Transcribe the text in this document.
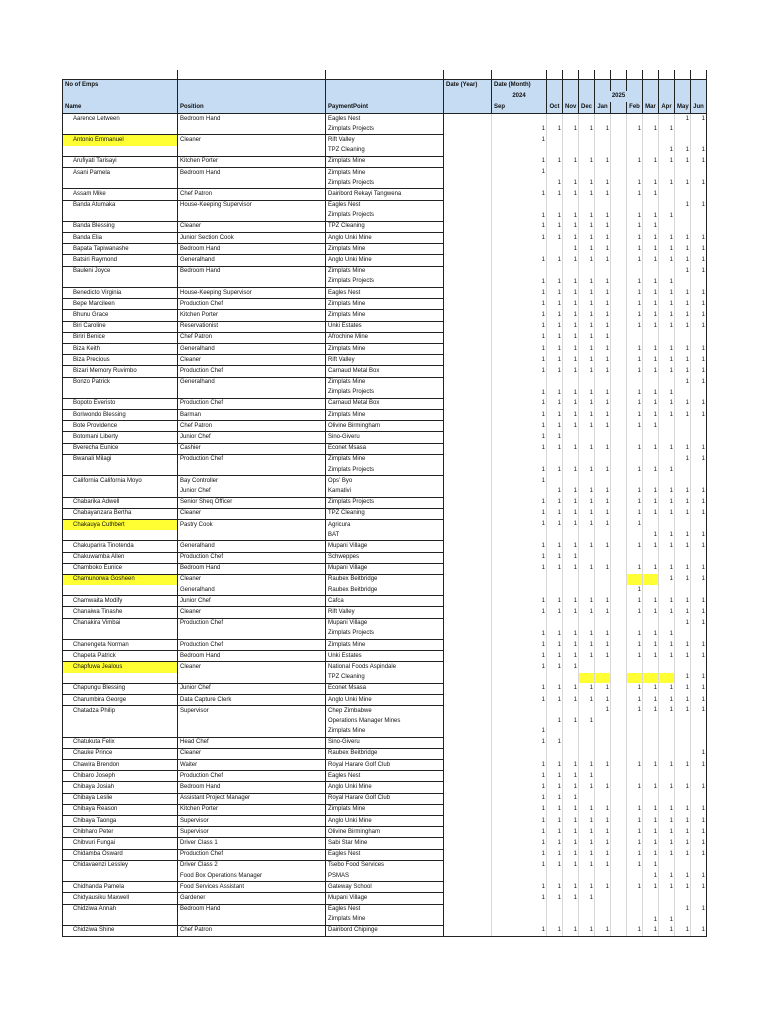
No of Emps			Date (Year)	Date (Month)										
				2024				2025						
Name	Position	PaymentPoint		Sep	Oct	Nov	Dec	Jan		Feb	Mar	Apr	May	Jun
Aarence Letween	Bedroom Hand	Eagles Nest											1	1
		Zimplats Projects		1	1	1	1	1		1	1	1		
Antonio Emmanuel	Cleaner	Rift Valley		1										
		TPZ Cleaning										1	1	1
Arufiyati Tarisayi	Kitchen Porter	Zimplats Mine		1	1	1	1	1		1	1	1	1	1
Asani Pamela	Bedroom Hand	Zimplats Mine		1										
		Zimplats Projects			1	1	1	1		1	1	1	1	1
Assam Mike	Chef Patron	Dairibord Rekayi Tangwena		1	1	1	1	1		1	1			
Banda Atumaka	House-Keeping Supervisor	Eagles Nest											1	1
		Zimplats Projects		1	1	1	1	1		1	1	1		
Banda Blessing	Cleaner	TPZ Cleaning		1	1	1	1	1		1	1			
Banda Elia	Junior Section Cook	Anglo Unki Mine		1	1	1	1	1		1	1	1	1	1
Bapata Tapiwanashe	Bedroom Hand	Zimplats Mine				1	1	1		1	1	1	1	1
Batsiri Raymond	Generalhand	Anglo Unki Mine		1	1	1	1	1		1	1	1	1	1
Bauleni Joyce	Bedroom Hand	Zimplats Mine											1	1
		Zimplats Projects		1	1	1	1	1		1	1	1		
Benedicto Virginia	House-Keeping Supervisor	Eagles Nest		1	1	1	1	1		1	1	1	1	1
Bepe Marcileen	Production Chef	Zimplats Mine		1	1	1	1	1		1	1	1	1	1
Bhunu Grace	Kitchen Porter	Zimplats Mine		1	1	1	1	1		1	1	1	1	1
Biri Caroline	Reservationist	Unki Estates		1	1	1	1	1		1	1	1	1	1
Biriri Benice	Chef Patron	Afrochine Mine		1	1	1	1	1						
Biza Keith	Generalhand	Zimplats Mine		1	1	1	1	1		1	1	1	1	1
Biza Precious	Cleaner	Rift Valley		1	1	1	1	1		1	1	1	1	1
Bizari Memory Ruvimbo	Production Chef	Carnaud Metal Box		1	1	1	1	1		1	1	1	1	1
Bonzo Patrick	Generalhand	Zimplats Mine											1	1
		Zimplats Projects		1	1	1	1	1		1	1	1		
Bopoto Everisto	Production Chef	Carnaud Metal Box		1	1	1	1	1		1	1	1	1	1
Boriwondo Blessing	Barman	Zimplats Mine		1	1	1	1	1		1	1	1	1	1
Bote Providence	Chef Patron	Olivine Birmingham		1	1	1	1	1		1	1			
Botomani Liberty	Junior Chef	Sino-Giveru		1	1									
Bverecha Eunice	Cashier	Econet Msasa		1	1	1	1	1		1	1	1	1	1
Bwanali Milagi	Production Chef	Zimplats Mine											1	1
		Zimplats Projects		1	1	1	1	1		1	1	1		
California California Moyo	Bay Controller	Ops' Byo		1										
	Junior Chef	Kamativi			1	1	1	1		1	1	1	1	1
Chabarika Adwell	Senior Sheq Officer	Zimplats Projects		1	1	1	1	1		1	1	1	1	1
Chabayanzara Bertha	Cleaner	TPZ Cleaning		1	1	1	1	1		1	1	1	1	1
Chakauya Cuthbert	Pastry Cook	Agricura		1	1	1	1	1		1				
		BAT									1	1	1	1
Chakuparira Tinotenda	Generalhand	Mupani Village		1	1	1	1	1		1	1	1	1	1
Chakuwamba Allen	Production Chef	Schweppes		1	1	1								
Chamboko Eunice	Bedroom Hand	Mupani Village		1	1	1	1	1		1	1	1	1	1
Chamunorwa Gosheen	Cleaner	Raubex Beitbridge										1	1	1
	Generalhand	Raubex Beitbridge								1				
Chamwaita Modify	Junior Chef	Cafca		1	1	1	1	1		1	1	1	1	1
Chanaiwa Tinashe	Cleaner	Rift Valley		1	1	1	1	1		1	1	1	1	1
Chanakira Vimbai	Production Chef	Mupani Village											1	1
		Zimplats Projects		1	1	1	1	1		1	1	1		
Chanengeta Norman	Production Chef	Zimplats Mine		1	1	1	1	1		1	1	1	1	1
Chapeta Patrick	Bedroom Hand	Unki Estates		1	1	1	1	1		1	1	1	1	1
Chapfuwa Jealous	Cleaner	National Foods Aspindale		1	1	1								
		TPZ Cleaning											1	1
Chapungu Blessing	Junior Chef	Econet Msasa		1	1	1	1	1		1	1	1	1	1
Charumbira George	Data Capture Clerk	Anglo Unki Mine		1	1	1	1	1		1	1	1	1	1
Chatadza Philip	Supervisor	Chep Zimbabwe						1		1	1	1	1	1
		Operations Manager Mines			1	1	1							
		Zimplats Mine		1										
Chatukuta Felix	Head Chef	Sino-Giveru		1	1									
Chauke Prince	Cleaner	Raubex Beitbridge												1
Chawira Brendon	Waiter	Royal Harare Golf Club		1	1	1	1	1		1	1	1	1	1
Chibaro Joseph	Production Chef	Eagles Nest		1	1	1	1							
Chibaya Josiah	Bedroom Hand	Anglo Unki Mine		1	1	1	1	1		1	1	1	1	1
Chibaya Leslie	Assistant Project Manager	Royal Harare Golf Club		1	1	1								
Chibaya Reason	Kitchen Porter	Zimplats Mine		1	1	1	1	1		1	1	1	1	1
Chibaya Taonga	Supervisor	Anglo Unki Mine		1	1	1	1	1		1	1	1	1	1
Chibharo Peter	Supervisor	Olivine Birmingham		1	1	1	1	1		1	1	1	1	1
Chibvuri Fungai	Driver Class 1	Sabi Star Mine		1	1	1	1	1		1	1	1	1	1
Chidamba Osward	Production Chef	Eagles Nest		1	1	1	1	1		1	1	1	1	1
Chidavaenzi Lessley	Driver Class 2	Tsebo Food Services		1	1	1	1	1		1	1			
	Food Box Operations Manager	PSMAS									1	1	1	1
Chidhanda Pamela	Food Services Assistant	Gateway School		1	1	1	1	1		1	1	1	1	1
Chidyausiku Maxwell	Gardener	Mupani Village		1	1	1	1							
Chidziwa Annah	Bedroom Hand	Eagles Nest											1	1
		Zimplats Mine									1	1		
Chidziwa Shine	Chef Patron	Dairibord Chipinge		1	1	1	1	1		1	1	1	1	1
